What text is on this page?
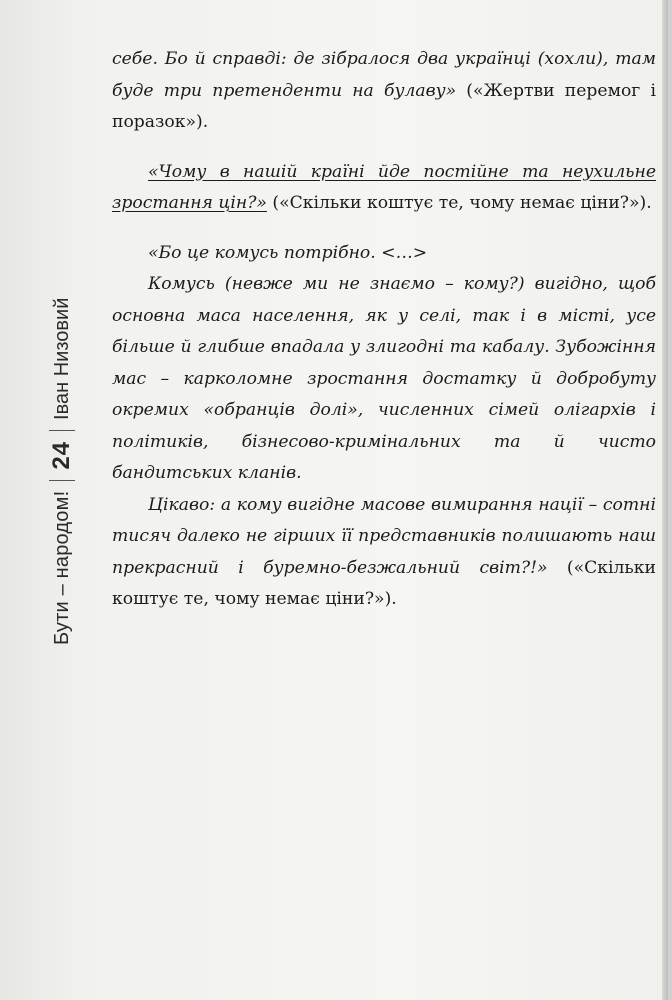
Бути – народом!
24
Іван Низовий

себе. Бо й справді: де зібралося два українці (хохли), там буде три претенденти на булаву» («Жертви перемог і поразок»).

«Чому в нашій країні йде постійне та неухильне зростання цін?» («Скільки коштує те, чому немає ціни?»).

«Бо це комусь потрібно. <…>

Комусь (невже ми не знаємо – кому?) вигідно, щоб основна маса населення, як у селі, так і в місті, усе більше й глибше впадала у злигодні та кабалу. Зубожіння мас – карколомне зростання достатку й добробуту окремих «обранців долі», численних сімей олігархів і політиків, бізнесово-кримінальних та й чисто бандитських кланів.

Цікаво: а кому вигідне масове вимирання нації – сотні тисяч далеко не гірших її представників полишають наш прекрасний і буремно-безжальний світ?!» («Скільки коштує те, чому немає ціни?»).
